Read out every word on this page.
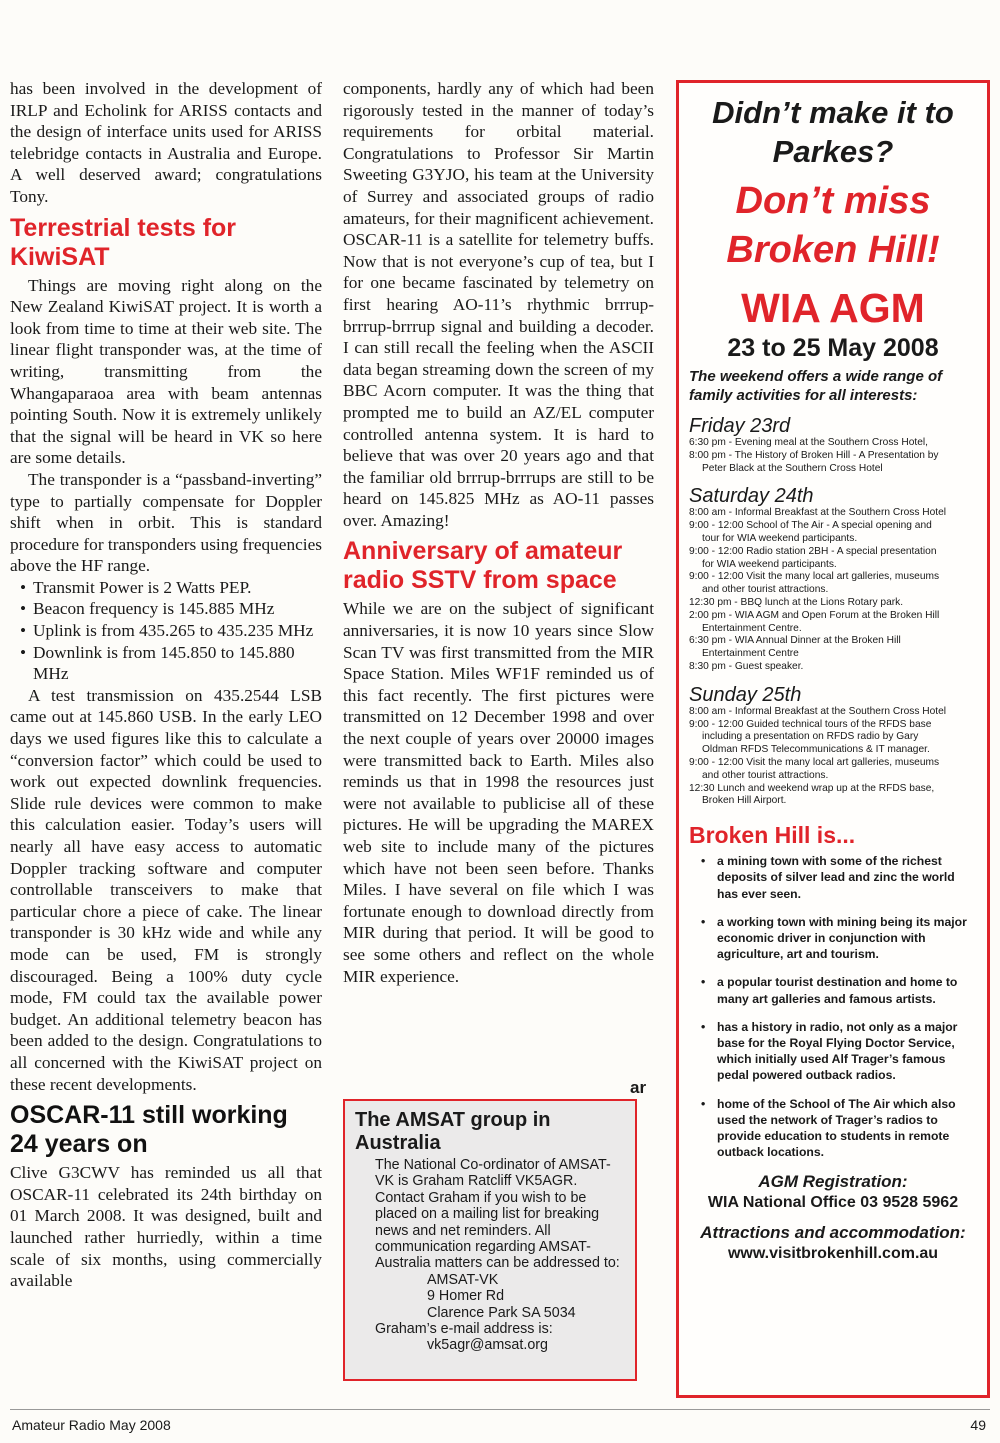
has been involved in the development of IRLP and Echolink for ARISS contacts and the design of interface units used for ARISS telebridge contacts in Australia and Europe. A well deserved award; congratulations Tony.

Terrestrial tests for KiwiSAT

Things are moving right along on the New Zealand KiwiSAT project. It is worth a look from time to time at their web site. The linear flight transponder was, at the time of writing, transmitting from the Whangaparaoa area with beam antennas pointing South. Now it is extremely unlikely that the signal will be heard in VK so here are some details.

The transponder is a “passband-inverting” type to partially compensate for Doppler shift when in orbit. This is standard procedure for transponders using frequencies above the HF range.

• Transmit Power is 2 Watts PEP.
• Beacon frequency is 145.885 MHz
• Uplink is from 435.265 to 435.235 MHz
• Downlink is from 145.850 to 145.880 MHz

A test transmission on 435.2544 LSB came out at 145.860 USB. In the early LEO days we used figures like this to calculate a “conversion factor” which could be used to work out expected downlink frequencies. Slide rule devices were common to make this calculation easier. Today’s users will nearly all have easy access to automatic Doppler tracking software and computer controllable transceivers to make that particular chore a piece of cake. The linear transponder is 30 kHz wide and while any mode can be used, FM is strongly discouraged. Being a 100% duty cycle mode, FM could tax the available power budget. An additional telemetry beacon has been added to the design. Congratulations to all concerned with the KiwiSAT project on these recent developments.

OSCAR-11 still working 24 years on

Clive G3CWV has reminded us all that OSCAR-11 celebrated its 24th birthday on 01 March 2008. It was designed, built and launched rather hurriedly, within a time scale of six months, using commercially available

components, hardly any of which had been rigorously tested in the manner of today’s requirements for orbital material. Congratulations to Professor Sir Martin Sweeting G3YJO, his team at the University of Surrey and associated groups of radio amateurs, for their magnificent achievement. OSCAR-11 is a satellite for telemetry buffs. Now that is not everyone’s cup of tea, but I for one became fascinated by telemetry on first hearing AO-11’s rhythmic brrrup-brrrup-brrrup signal and building a decoder. I can still recall the feeling when the ASCII data began streaming down the screen of my BBC Acorn computer. It was the thing that prompted me to build an AZ/EL computer controlled antenna system. It is hard to believe that was over 20 years ago and that the familiar old brrrup-brrrups are still to be heard on 145.825 MHz as AO-11 passes over. Amazing!

Anniversary of amateur radio SSTV from space

While we are on the subject of significant anniversaries, it is now 10 years since Slow Scan TV was first transmitted from the MIR Space Station. Miles WF1F reminded us of this fact recently. The first pictures were transmitted on 12 December 1998 and over the next couple of years over 20000 images were transmitted back to Earth. Miles also reminds us that in 1998 the resources just were not available to publicise all of these pictures. He will be upgrading the MAREX web site to include many of the pictures which have not been seen before. Thanks Miles. I have several on file which I was fortunate enough to download directly from MIR during that period. It will be good to see some others and reflect on the whole MIR experience.

ar
The AMSAT group in Australia
The National Co-ordinator of AMSAT-VK is Graham Ratcliff VK5AGR. Contact Graham if you wish to be placed on a mailing list for breaking news and net reminders. All communication regarding AMSAT-Australia matters can be addressed to:
AMSAT-VK
9 Homer Rd
Clarence Park SA 5034
Graham’s e-mail address is:
vk5agr@amsat.org
Didn’t make it to Parkes?
Don’t miss Broken Hill!
WIA AGM
23 to 25 May 2008
The weekend offers a wide range of family activities for all interests:
Friday 23rd
6:30 pm - Evening meal at the Southern Cross Hotel,
8:00 pm - The History of Broken Hill - A Presentation by
Peter Black at the Southern Cross Hotel
Saturday 24th
8:00 am - Informal Breakfast at the Southern Cross Hotel
9:00 - 12:00 School of The Air - A special opening and
tour for WIA weekend participants.
9:00 - 12:00 Radio station 2BH - A special presentation
for WIA weekend participants.
9:00 - 12:00 Visit the many local art galleries, museums
and other tourist attractions.
12:30 pm - BBQ lunch at the Lions Rotary park.
2:00 pm - WIA AGM and Open Forum at the Broken Hill
Entertainment Centre.
6:30 pm - WIA Annual Dinner at the Broken Hill
Entertainment Centre
8:30 pm - Guest speaker.
Sunday 25th
8:00 am - Informal Breakfast at the Southern Cross Hotel
9:00 - 12:00 Guided technical tours of the RFDS base
including a presentation on RFDS radio by Gary
Oldman RFDS Telecommunications & IT manager.
9:00 - 12:00 Visit the many local art galleries, museums
and other tourist attractions.
12:30 Lunch and weekend wrap up at the RFDS base,
Broken Hill Airport.
Broken Hill is...
• a mining town with some of the richest deposits of silver lead and zinc the world has ever seen.
• a working town with mining being its major economic driver in conjunction with agriculture, art and tourism.
• a popular tourist destination and home to many art galleries and famous artists.
• has a history in radio, not only as a major base for the Royal Flying Doctor Service, which initially used Alf Trager’s famous pedal powered outback radios.
• home of the School of The Air which also used the network of Trager’s radios to provide education to students in remote outback locations.
AGM Registration:
WIA National Office 03 9528 5962
Attractions and accommodation:
www.visitbrokenhill.com.au
Amateur Radio May 2008	49
